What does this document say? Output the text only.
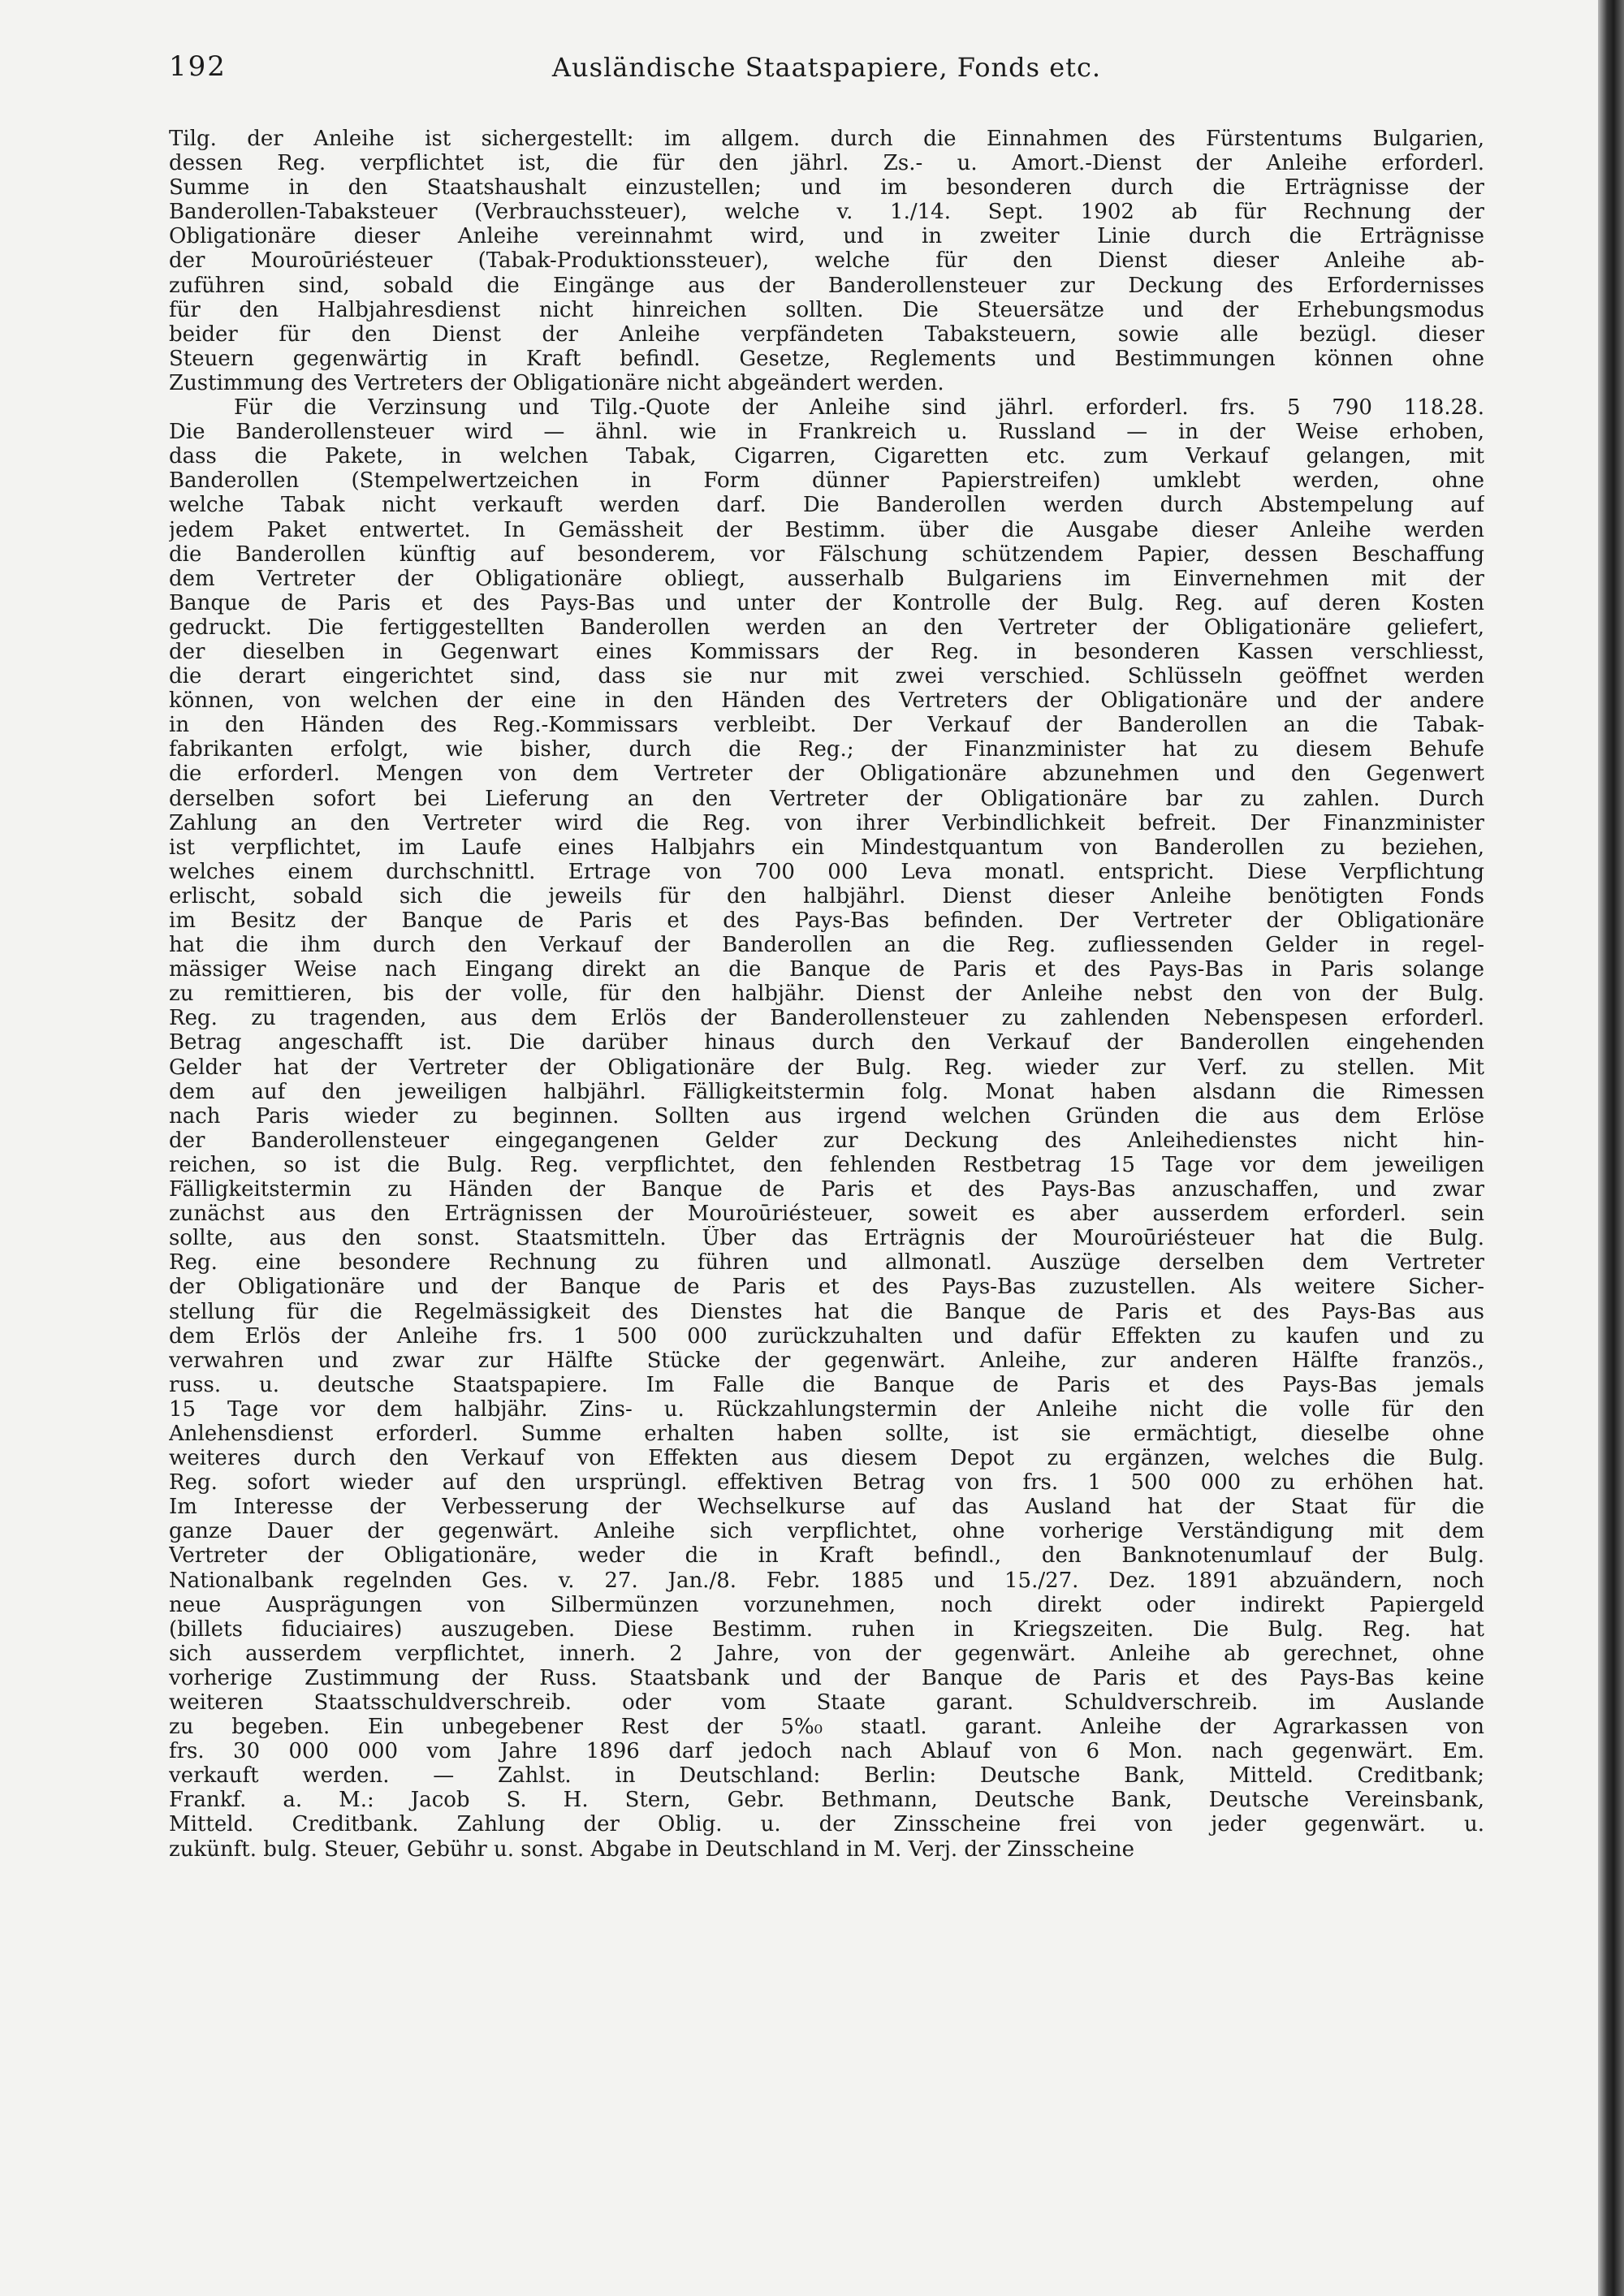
192	Ausländische Staatspapiere, Fonds etc.
Tilg. der Anleihe ist sichergestellt: im allgem. durch die Einnahmen des Fürstentums Bulgarien,
dessen Reg. verpflichtet ist, die für den jährl. Zs.- u. Amort.-Dienst der Anleihe erforderl.
Summe in den Staatshaushalt einzustellen; und im besonderen durch die Erträgnisse der
Banderollen-Tabaksteuer (Verbrauchssteuer), welche v. 1./14. Sept. 1902 ab für Rechnung der
Obligationäre dieser Anleihe vereinnahmt wird, und in zweiter Linie durch die Erträgnisse
der Mouroūriésteuer (Tabak-Produktionssteuer), welche für den Dienst dieser Anleihe ab-
zuführen sind, sobald die Eingänge aus der Banderollensteuer zur Deckung des Erfordernisses
für den Halbjahresdienst nicht hinreichen sollten. Die Steuersätze und der Erhebungsmodus
beider für den Dienst der Anleihe verpfändeten Tabaksteuern, sowie alle bezügl. dieser
Steuern gegenwärtig in Kraft befindl. Gesetze, Reglements und Bestimmungen können ohne
Zustimmung des Vertreters der Obligationäre nicht abgeändert werden.
Für die Verzinsung und Tilg.-Quote der Anleihe sind jährl. erforderl. frs. 5 790 118.28.
Die Banderollensteuer wird — ähnl. wie in Frankreich u. Russland — in der Weise erhoben,
dass die Pakete, in welchen Tabak, Cigarren, Cigaretten etc. zum Verkauf gelangen, mit
Banderollen (Stempelwertzeichen in Form dünner Papierstreifen) umklebt werden, ohne
welche Tabak nicht verkauft werden darf. Die Banderollen werden durch Abstempelung auf
jedem Paket entwertet. In Gemässheit der Bestimm. über die Ausgabe dieser Anleihe werden
die Banderollen künftig auf besonderem, vor Fälschung schützendem Papier, dessen Beschaffung
dem Vertreter der Obligationäre obliegt, ausserhalb Bulgariens im Einvernehmen mit der
Banque de Paris et des Pays-Bas und unter der Kontrolle der Bulg. Reg. auf deren Kosten
gedruckt. Die fertiggestellten Banderollen werden an den Vertreter der Obligationäre geliefert,
der dieselben in Gegenwart eines Kommissars der Reg. in besonderen Kassen verschliesst,
die derart eingerichtet sind, dass sie nur mit zwei verschied. Schlüsseln geöffnet werden
können, von welchen der eine in den Händen des Vertreters der Obligationäre und der andere
in den Händen des Reg.-Kommissars verbleibt. Der Verkauf der Banderollen an die Tabak-
fabrikanten erfolgt, wie bisher, durch die Reg.; der Finanzminister hat zu diesem Behufe
die erforderl. Mengen von dem Vertreter der Obligationäre abzunehmen und den Gegenwert
derselben sofort bei Lieferung an den Vertreter der Obligationäre bar zu zahlen. Durch
Zahlung an den Vertreter wird die Reg. von ihrer Verbindlichkeit befreit. Der Finanzminister
ist verpflichtet, im Laufe eines Halbjahrs ein Mindestquantum von Banderollen zu beziehen,
welches einem durchschnittl. Ertrage von 700 000 Leva monatl. entspricht. Diese Verpflichtung
erlischt, sobald sich die jeweils für den halbjährl. Dienst dieser Anleihe benötigten Fonds
im Besitz der Banque de Paris et des Pays-Bas befinden. Der Vertreter der Obligationäre
hat die ihm durch den Verkauf der Banderollen an die Reg. zufliessenden Gelder in regel-
mässiger Weise nach Eingang direkt an die Banque de Paris et des Pays-Bas in Paris solange
zu remittieren, bis der volle, für den halbjähr. Dienst der Anleihe nebst den von der Bulg.
Reg. zu tragenden, aus dem Erlös der Banderollensteuer zu zahlenden Nebenspesen erforderl.
Betrag angeschafft ist. Die darüber hinaus durch den Verkauf der Banderollen eingehenden
Gelder hat der Vertreter der Obligationäre der Bulg. Reg. wieder zur Verf. zu stellen. Mit
dem auf den jeweiligen halbjährl. Fälligkeitstermin folg. Monat haben alsdann die Rimessen
nach Paris wieder zu beginnen. Sollten aus irgend welchen Gründen die aus dem Erlöse
der Banderollensteuer eingegangenen Gelder zur Deckung des Anleihedienstes nicht hin-
reichen, so ist die Bulg. Reg. verpflichtet, den fehlenden Restbetrag 15 Tage vor dem jeweiligen
Fälligkeitstermin zu Händen der Banque de Paris et des Pays-Bas anzuschaffen, und zwar
zunächst aus den Erträgnissen der Mouroūriésteuer, soweit es aber ausserdem erforderl. sein
sollte, aus den sonst. Staatsmitteln. Über das Erträgnis der Mouroūriésteuer hat die Bulg.
Reg. eine besondere Rechnung zu führen und allmonatl. Auszüge derselben dem Vertreter
der Obligationäre und der Banque de Paris et des Pays-Bas zuzustellen. Als weitere Sicher-
stellung für die Regelmässigkeit des Dienstes hat die Banque de Paris et des Pays-Bas aus
dem Erlös der Anleihe frs. 1 500 000 zurückzuhalten und dafür Effekten zu kaufen und zu
verwahren und zwar zur Hälfte Stücke der gegenwärt. Anleihe, zur anderen Hälfte französ.,
russ. u. deutsche Staatspapiere. Im Falle die Banque de Paris et des Pays-Bas jemals
15 Tage vor dem halbjähr. Zins- u. Rückzahlungstermin der Anleihe nicht die volle für den
Anlehensdienst erforderl. Summe erhalten haben sollte, ist sie ermächtigt, dieselbe ohne
weiteres durch den Verkauf von Effekten aus diesem Depot zu ergänzen, welches die Bulg.
Reg. sofort wieder auf den ursprüngl. effektiven Betrag von frs. 1 500 000 zu erhöhen hat.
Im Interesse der Verbesserung der Wechselkurse auf das Ausland hat der Staat für die
ganze Dauer der gegenwärt. Anleihe sich verpflichtet, ohne vorherige Verständigung mit dem
Vertreter der Obligationäre, weder die in Kraft befindl., den Banknotenumlauf der Bulg.
Nationalbank regelnden Ges. v. 27. Jan./8. Febr. 1885 und 15./27. Dez. 1891 abzuändern, noch
neue Ausprägungen von Silbermünzen vorzunehmen, noch direkt oder indirekt Papiergeld
(billets fiduciaires) auszugeben. Diese Bestimm. ruhen in Kriegszeiten. Die Bulg. Reg. hat
sich ausserdem verpflichtet, innerh. 2 Jahre, von der gegenwärt. Anleihe ab gerechnet, ohne
vorherige Zustimmung der Russ. Staatsbank und der Banque de Paris et des Pays-Bas keine
weiteren Staatsschuldverschreib. oder vom Staate garant. Schuldverschreib. im Auslande
zu begeben. Ein unbegebener Rest der 5%₀ staatl. garant. Anleihe der Agrarkassen von
frs. 30 000 000 vom Jahre 1896 darf jedoch nach Ablauf von 6 Mon. nach gegenwärt. Em.
verkauft werden. — Zahlst. in Deutschland: Berlin: Deutsche Bank, Mitteld. Creditbank;
Frankf. a. M.: Jacob S. H. Stern, Gebr. Bethmann, Deutsche Bank, Deutsche Vereinsbank,
Mitteld. Creditbank. Zahlung der Oblig. u. der Zinsscheine frei von jeder gegenwärt. u.
zukünft. bulg. Steuer, Gebühr u. sonst. Abgabe in Deutschland in M. Verj. der Zinsscheine
